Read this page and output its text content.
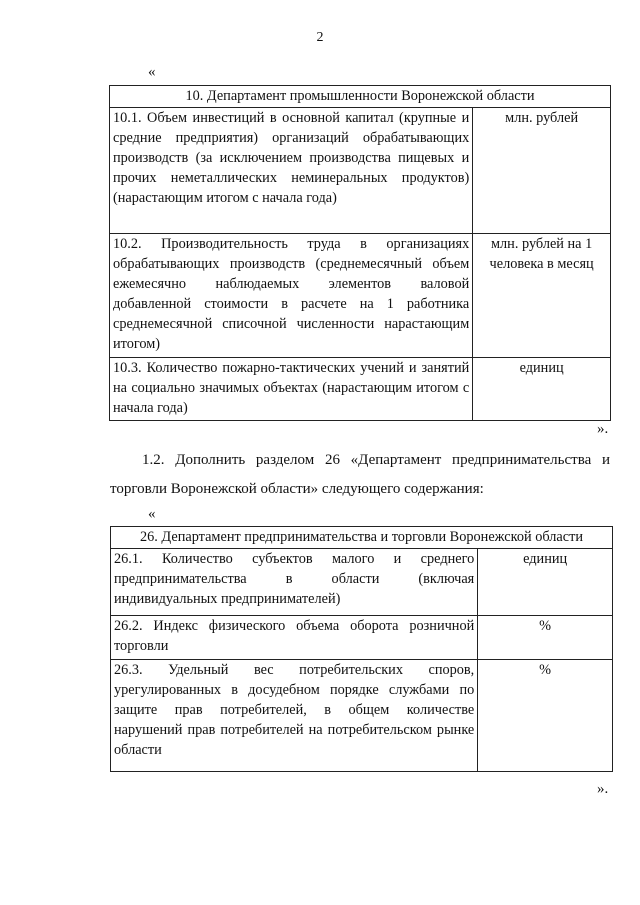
2
«
10. Департамент промышленности Воронежской области	
10.1. Объем инвестиций в основной капитал (крупные и средние предприятия) организаций обрабатывающих производств (за исключением производства пищевых и прочих неметаллических неминеральных продуктов) (нарастающим итогом с начала года)	млн. рублей
10.2. Производительность труда в организациях обрабатывающих производств (среднемесячный объем ежемесячно наблюдаемых элементов валовой добавленной стоимости в расчете на 1 работника среднемесячной списочной численности нарастающим итогом)	млн. рублей на 1 человека в месяц
10.3. Количество пожарно-тактических учений и занятий на социально значимых объектах (нарастающим итогом с начала года)	единиц
».
1.2. Дополнить разделом 26 «Департамент предпринимательства и торговли Воронежской области» следующего содержания:
«
26. Департамент предпринимательства и торговли Воронежской области	
26.1. Количество субъектов малого и среднего предпринимательства в области (включая индивидуальных предпринимателей)	единиц
26.2. Индекс физического объема оборота розничной торговли	%
26.3. Удельный вес потребительских споров, урегулированных в досудебном порядке службами по защите прав потребителей, в общем количестве нарушений прав потребителей на потребительском рынке области	%
».
